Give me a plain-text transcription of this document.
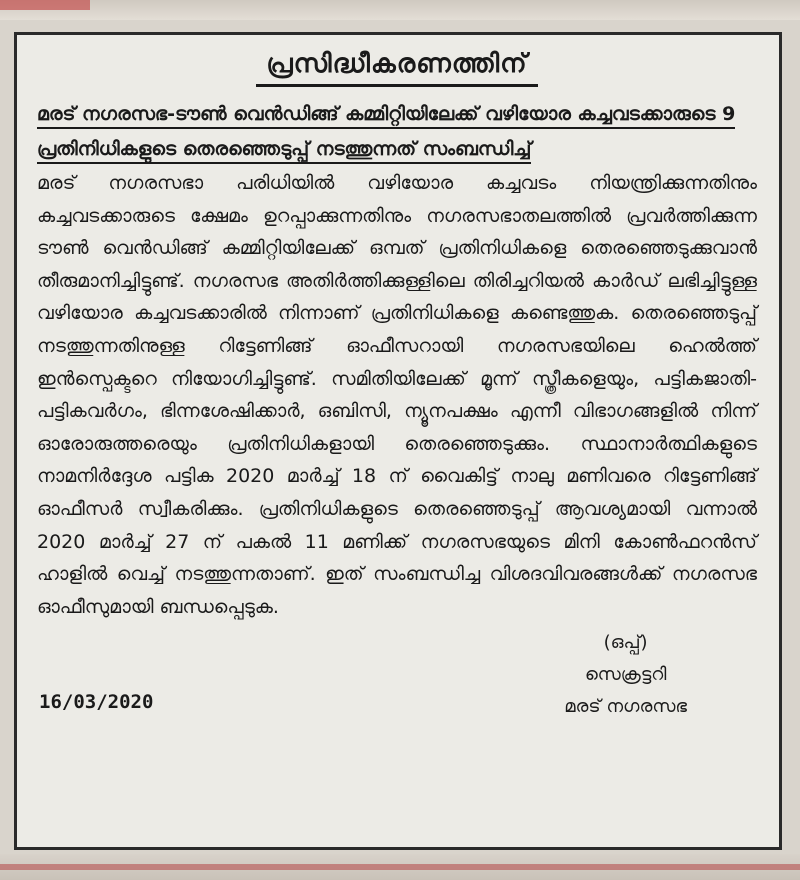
പ്രസിദ്ധീകരണത്തിന്
മരട് നഗരസഭ-ടൗൺ വെൻഡിങ്ങ് കമ്മിറ്റിയിലേക്ക് വഴിയോര കച്ചവടക്കാരുടെ 9 പ്രതിനിധികളുടെ തെരഞ്ഞെടുപ്പ് നടത്തുന്നത് സംബന്ധിച്ച്
മരട് നഗരസഭാ പരിധിയിൽ വഴിയോര കച്ചവടം നിയന്ത്രിക്കുന്നതിനും കച്ചവടക്കാരുടെ ക്ഷേമം ഉറപ്പാക്കുന്നതിനും നഗരസഭാതലത്തിൽ പ്രവർത്തിക്കുന്ന ടൗൺ വെൻഡിങ്ങ് കമ്മിറ്റിയിലേക്ക് ഒമ്പത് പ്രതിനിധികളെ തെരഞ്ഞെടുക്കുവാൻ തീരുമാനിച്ചിട്ടുണ്ട്. നഗരസഭ അതിർത്തിക്കുള്ളിലെ തിരിച്ചറിയൽ കാർഡ് ലഭിച്ചിട്ടുള്ള വഴിയോര കച്ചവടക്കാരിൽ നിന്നാണ് പ്രതിനിധികളെ കണ്ടെത്തുക. തെരഞ്ഞെടുപ്പ് നടത്തുന്നതിനുള്ള റിട്ടേണിങ്ങ് ഓഫീസറായി നഗരസഭയിലെ ഹെൽത്ത് ഇൻസ്പെക്ടറെ നിയോഗിച്ചിട്ടുണ്ട്. സമിതിയിലേക്ക് മൂന്ന് സ്ത്രീകളെയും, പട്ടികജാതി-പട്ടികവർഗം, ഭിന്നശേഷിക്കാർ, ഒബിസി, ന്യൂനപക്ഷം എന്നീ വിഭാഗങ്ങളിൽ നിന്ന് ഓരോരുത്തരെയും പ്രതിനിധികളായി തെരഞ്ഞെടുക്കും. സ്ഥാനാർത്ഥികളുടെ നാമനിർദ്ദേശ പട്ടിക 2020 മാർച്ച് 18 ന് വൈകിട്ട് നാലു മണിവരെ റിട്ടേണിങ്ങ് ഓഫീസർ സ്വീകരിക്കും. പ്രതിനിധികളുടെ തെരഞ്ഞെടുപ്പ് ആവശ്യമായി വന്നാൽ 2020 മാർച്ച് 27 ന് പകൽ 11 മണിക്ക് നഗരസഭയുടെ മിനി കോൺഫറൻസ് ഹാളിൽ വെച്ച് നടത്തുന്നതാണ്. ഇത് സംബന്ധിച്ച വിശദവിവരങ്ങൾക്ക് നഗരസഭ ഓഫീസുമായി ബന്ധപ്പെടുക.
(ഒപ്പ്)
സെക്രട്ടറി
മരട് നഗരസഭ
16/03/2020
